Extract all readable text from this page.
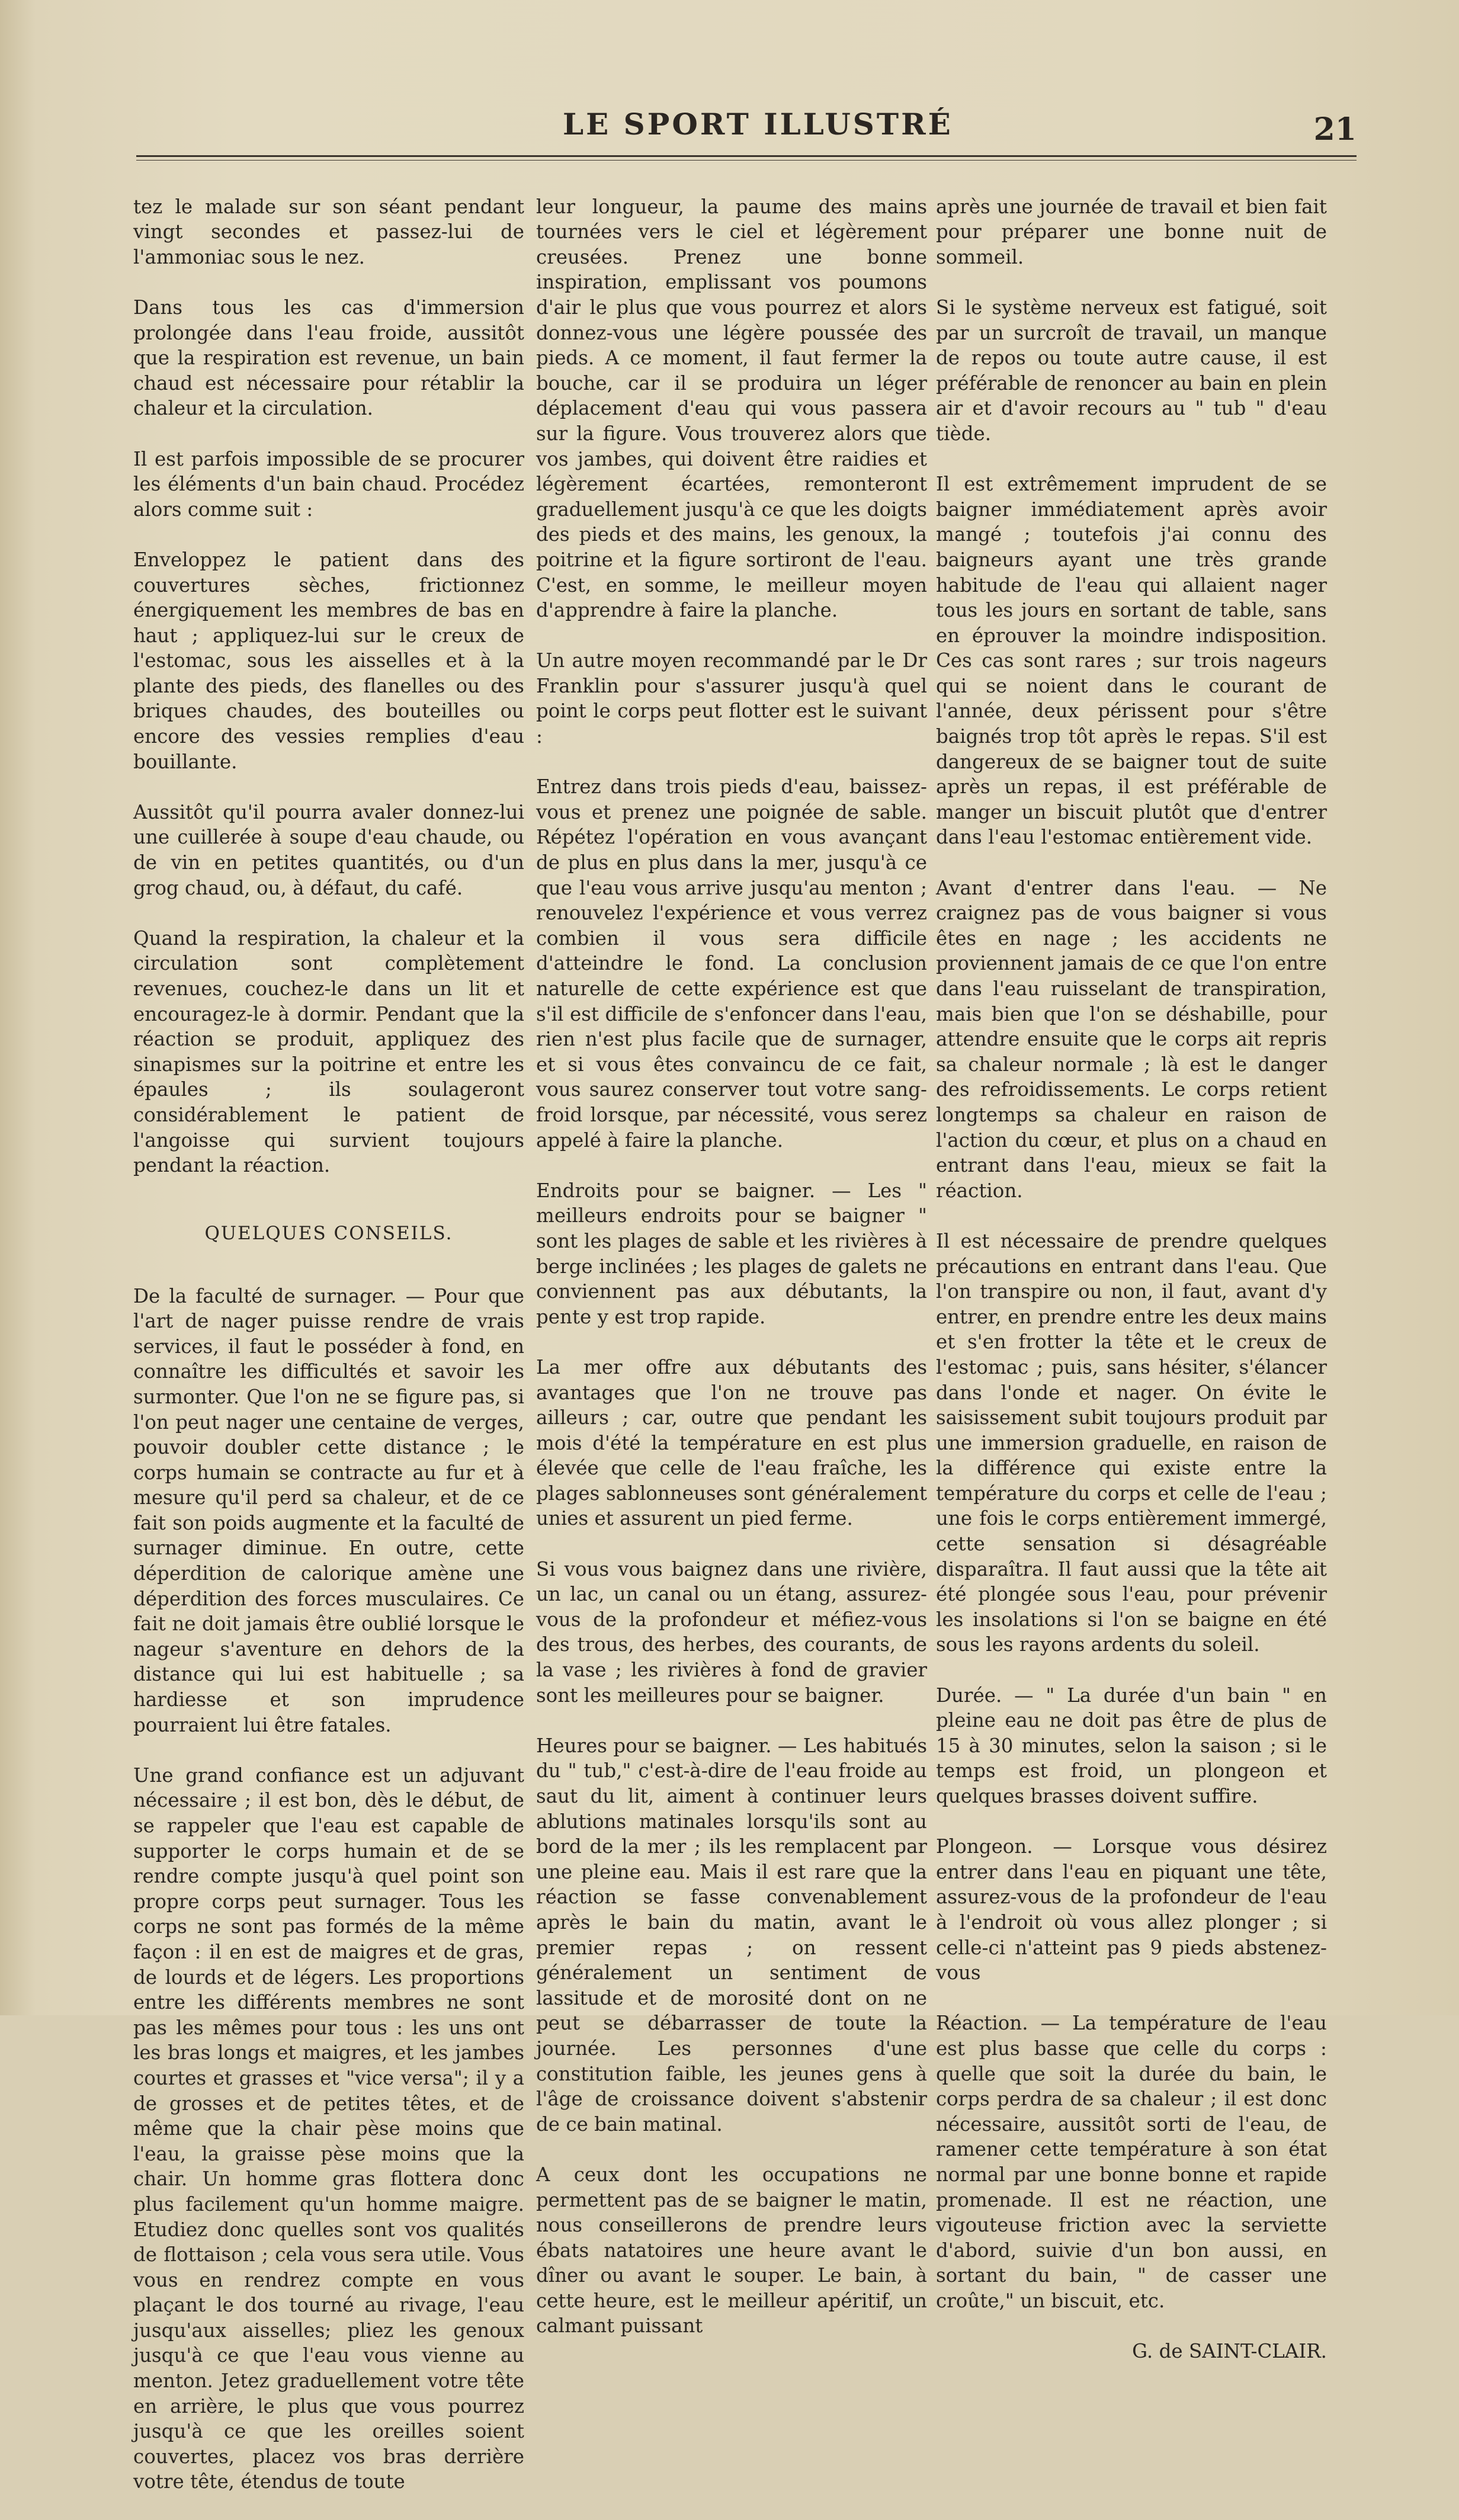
LE SPORT ILLUSTRÉ	21

tez le malade sur son séant pendant vingt secondes et passez-lui de l'ammoniac sous le nez.

Dans tous les cas d'immersion prolongée dans l'eau froide, aussitôt que la respiration est revenue, un bain chaud est nécessaire pour rétablir la chaleur et la circulation.

Il est parfois impossible de se procurer les éléments d'un bain chaud. Procédez alors comme suit :

Enveloppez le patient dans des couvertures sèches, frictionnez énergiquement les membres de bas en haut ; appliquez-lui sur le creux de l'estomac, sous les aisselles et à la plante des pieds, des flanelles ou des briques chaudes, des bouteilles ou encore des vessies remplies d'eau bouillante.

Aussitôt qu'il pourra avaler donnez-lui une cuillerée à soupe d'eau chaude, ou de vin en petites quantités, ou d'un grog chaud, ou, à défaut, du café.

Quand la respiration, la chaleur et la circulation sont complètement revenues, couchez-le dans un lit et encouragez-le à dormir. Pendant que la réaction se produit, appliquez des sinapismes sur la poitrine et entre les épaules ; ils soulageront considérablement le patient de l'angoisse qui survient toujours pendant la réaction.

QUELQUES CONSEILS.

De la faculté de surnager. — Pour que l'art de nager puisse rendre de vrais services, il faut le posséder à fond, en connaître les difficultés et savoir les surmonter. Que l'on ne se figure pas, si l'on peut nager une centaine de verges, pouvoir doubler cette distance ; le corps humain se contracte au fur et à mesure qu'il perd sa chaleur, et de ce fait son poids augmente et la faculté de surnager diminue. En outre, cette déperdition de calorique amène une déperdition des forces musculaires. Ce fait ne doit jamais être oublié lorsque le nageur s'aventure en dehors de la distance qui lui est habituelle ; sa hardiesse et son imprudence pourraient lui être fatales.

Une grand confiance est un adjuvant nécessaire ; il est bon, dès le début, de se rappeler que l'eau est capable de supporter le corps humain et de se rendre compte jusqu'à quel point son propre corps peut surnager. Tous les corps ne sont pas formés de la même façon : il en est de maigres et de gras, de lourds et de légers. Les proportions entre les différents membres ne sont pas les mêmes pour tous : les uns ont les bras longs et maigres, et les jambes courtes et grasses et "vice versa"; il y a de grosses et de petites têtes, et de même que la chair pèse moins que l'eau, la graisse pèse moins que la chair. Un homme gras flottera donc plus facilement qu'un homme maigre. Etudiez donc quelles sont vos qualités de flottaison ; cela vous sera utile. Vous vous en rendrez compte en vous plaçant le dos tourné au rivage, l'eau jusqu'aux aisselles; pliez les genoux jusqu'à ce que l'eau vous vienne au menton. Jetez graduellement votre tête en arrière, le plus que vous pourrez jusqu'à ce que les oreilles soient couvertes, placez vos bras derrière votre tête, étendus de toute

leur longueur, la paume des mains tournées vers le ciel et légèrement creusées. Prenez une bonne inspiration, emplissant vos poumons d'air le plus que vous pourrez et alors donnez-vous une légère poussée des pieds. A ce moment, il faut fermer la bouche, car il se produira un léger déplacement d'eau qui vous passera sur la figure. Vous trouverez alors que vos jambes, qui doivent être raidies et légèrement écartées, remonteront graduellement jusqu'à ce que les doigts des pieds et des mains, les genoux, la poitrine et la figure sortiront de l'eau. C'est, en somme, le meilleur moyen d'apprendre à faire la planche.

Un autre moyen recommandé par le Dr Franklin pour s'assurer jusqu'à quel point le corps peut flotter est le suivant :

Entrez dans trois pieds d'eau, baissez-vous et prenez une poignée de sable. Répétez l'opération en vous avançant de plus en plus dans la mer, jusqu'à ce que l'eau vous arrive jusqu'au menton ; renouvelez l'expérience et vous verrez combien il vous sera difficile d'atteindre le fond. La conclusion naturelle de cette expérience est que s'il est difficile de s'enfoncer dans l'eau, rien n'est plus facile que de surnager, et si vous êtes convaincu de ce fait, vous saurez conserver tout votre sang-froid lorsque, par nécessité, vous serez appelé à faire la planche.

Endroits pour se baigner. — Les " meilleurs endroits pour se baigner " sont les plages de sable et les rivières à berge inclinées ; les plages de galets ne conviennent pas aux débutants, la pente y est trop rapide.

La mer offre aux débutants des avantages que l'on ne trouve pas ailleurs ; car, outre que pendant les mois d'été la température en est plus élevée que celle de l'eau fraîche, les plages sablonneuses sont généralement unies et assurent un pied ferme.

Si vous vous baignez dans une rivière, un lac, un canal ou un étang, assurez-vous de la profondeur et méfiez-vous des trous, des herbes, des courants, de la vase ; les rivières à fond de gravier sont les meilleures pour se baigner.

Heures pour se baigner. — Les habitués du " tub," c'est-à-dire de l'eau froide au saut du lit, aiment à continuer leurs ablutions matinales lorsqu'ils sont au bord de la mer ; ils les remplacent par une pleine eau. Mais il est rare que la réaction se fasse convenablement après le bain du matin, avant le premier repas ; on ressent généralement un sentiment de lassitude et de morosité dont on ne peut se débarrasser de toute la journée. Les personnes d'une constitution faible, les jeunes gens à l'âge de croissance doivent s'abstenir de ce bain matinal.

A ceux dont les occupations ne permettent pas de se baigner le matin, nous conseillerons de prendre leurs ébats natatoires une heure avant le dîner ou avant le souper. Le bain, à cette heure, est le meilleur apéritif, un calmant puissant

après une journée de travail et bien fait pour préparer une bonne nuit de sommeil.

Si le système nerveux est fatigué, soit par un surcroît de travail, un manque de repos ou toute autre cause, il est préférable de renoncer au bain en plein air et d'avoir recours au " tub " d'eau tiède.

Il est extrêmement imprudent de se baigner immédiatement après avoir mangé ; toutefois j'ai connu des baigneurs ayant une très grande habitude de l'eau qui allaient nager tous les jours en sortant de table, sans en éprouver la moindre indisposition. Ces cas sont rares ; sur trois nageurs qui se noient dans le courant de l'année, deux périssent pour s'être baignés trop tôt après le repas. S'il est dangereux de se baigner tout de suite après un repas, il est préférable de manger un biscuit plutôt que d'entrer dans l'eau l'estomac entièrement vide.

Avant d'entrer dans l'eau. — Ne craignez pas de vous baigner si vous êtes en nage ; les accidents ne proviennent jamais de ce que l'on entre dans l'eau ruisselant de transpiration, mais bien que l'on se déshabille, pour attendre ensuite que le corps ait repris sa chaleur normale ; là est le danger des refroidissements. Le corps retient longtemps sa chaleur en raison de l'action du cœur, et plus on a chaud en entrant dans l'eau, mieux se fait la réaction.

Il est nécessaire de prendre quelques précautions en entrant dans l'eau. Que l'on transpire ou non, il faut, avant d'y entrer, en prendre entre les deux mains et s'en frotter la tête et le creux de l'estomac ; puis, sans hésiter, s'élancer dans l'onde et nager. On évite le saisissement subit toujours produit par une immersion graduelle, en raison de la différence qui existe entre la température du corps et celle de l'eau ; une fois le corps entièrement immergé, cette sensation si désagréable disparaîtra. Il faut aussi que la tête ait été plongée sous l'eau, pour prévenir les insolations si l'on se baigne en été sous les rayons ardents du soleil.

Durée. — " La durée d'un bain " en pleine eau ne doit pas être de plus de 15 à 30 minutes, selon la saison ; si le temps est froid, un plongeon et quelques brasses doivent suffire.

Plongeon. — Lorsque vous désirez entrer dans l'eau en piquant une tête, assurez-vous de la profondeur de l'eau à l'endroit où vous allez plonger ; si celle-ci n'atteint pas 9 pieds abstenez-vous

Réaction. — La température de l'eau est plus basse que celle du corps : quelle que soit la durée du bain, le corps perdra de sa chaleur ; il est donc nécessaire, aussitôt sorti de l'eau, de ramener cette température à son état normal par une bonne bonne et rapide promenade. Il est ne réaction, une vigouteuse friction avec la serviette d'abord, suivie d'un bon aussi, en sortant du bain, " de casser une croûte," un biscuit, etc.

G. de SAINT-CLAIR.
